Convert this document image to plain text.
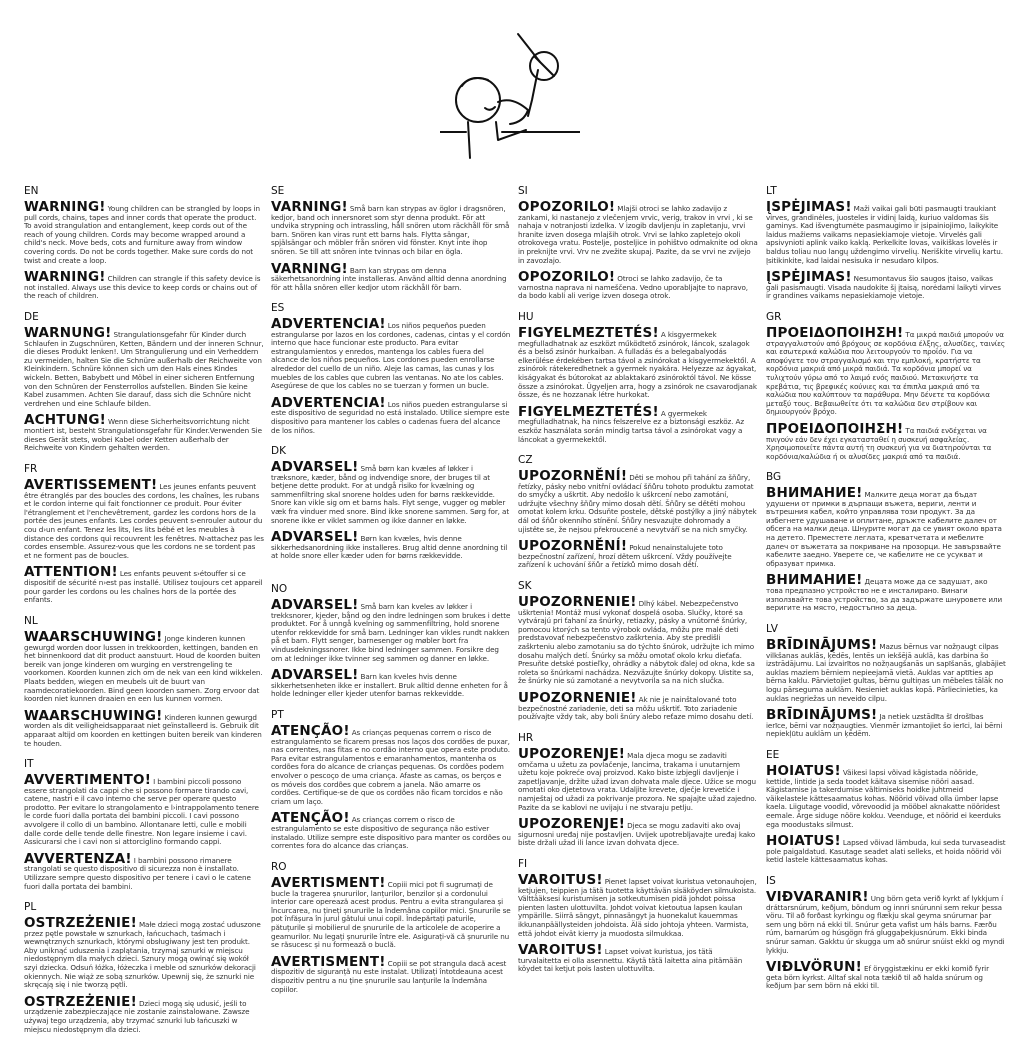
EN
WARNING! Young children can be strangled by loops in pull cords, chains, tapes and inner cords that operate the product. To avoid strangulation and entanglement, keep cords out of the reach of young children. Cords may become wrapped around a child's neck. Move beds, cots and furniture away from window covering cords. Do not be cords together. Make sure cords do not twist and create a loop.
WARNING! Children can strangle if this safety device is not installed. Always use this device to keep cords or chains out of the reach of children.
DE
WARNUNG! Strangulationsgefahr für Kinder durch Schlaufen in Zugschnüren, Ketten, Bändern und der inneren Schnur, die dieses Produkt lenken!. Um Strangulierung und ein Verheddern zu vermeiden, halten Sie die Schnüre außerhalb der Reichweite von Kleinkindern. Schnüre können sich um den Hals eines Kindes wickeln. Betten, Babybett und Möbel in einer sicheren Entfernung von den Schnüren der Fensterrollos aufstellen. Binden Sie keine Kabel zusammen. Achten Sie darauf, dass sich die Schnüre nicht verdrehen und eine Schlaufe bilden.
ACHTUNG! Wenn diese Sicherheitsvorrichtung nicht montiert ist, besteht Strangulationsgefahr für Kinder.Verwenden Sie dieses Gerät stets, wobei Kabel oder Ketten außerhalb der Reichweite von Kindern gehalten werden.
FR
AVERTISSEMENT! Les jeunes enfants peuvent être étranglés par des boucles des cordons, les chaînes, les rubans et le cordon interne qui fait fonctionner ce produit. Pour éviter l'étranglement et l'enchevêtrement, gardez les cordons hors de la portée des jeunes enfants. Les cordes peuvent s›enrouler autour du cou d›un enfant. Tenez les lits, les lits bébé et les meubles à distance des cordons qui recouvrent les fenêtres. N›attachez pas les cordes ensemble. Assurez-vous que les cordons ne se tordent pas et ne forment pas de boucles.
ATTENTION! Les enfants peuvent s›étouffer si ce dispositif de sécurité n›est pas installé. Utilisez toujours cet appareil pour garder les cordons ou les chaînes hors de la portée des enfants.
NL
WAARSCHUWING! Jonge kinderen kunnen gewurgd worden door lussen in trekkoorden, kettingen, banden en het binnenkoord dat dit product aanstuurt. Houd de koorden buiten bereik van jonge kinderen om wurging en verstrengeling te voorkomen. Koorden kunnen zich om de nek van een kind wikkelen. Plaats bedden, wiegen en meubels uit de buurt van raamdecoratiekoorden. Bind geen koorden samen. Zorg ervoor dat koorden niet kunnen draaien en een lus kunnen vormen.
WAARSCHUWING! Kinderen kunnen gewurgd worden als dit veiligheidsapparaat niet geïnstalleerd is. Gebruik dit apparaat altijd om koorden en kettingen buiten bereik van kinderen te houden.
IT
AVVERTIMENTO! I bambini piccoli possono essere strangolati da cappi che si possono formare tirando cavi, catene, nastri e il cavo interno che serve per operare questo prodotto. Per evitare lo strangolamento e l›intrappolamento tenere le corde fuori dalla portata dei bambini piccoli. I cavi possono avvolgere il collo di un bambino. Allontanare letti, culle e mobili dalle corde delle tende delle finestre. Non legare insieme i cavi. Assicurarsi che i cavi non si attorciglino formando cappi.
AVVERTENZA! I bambini possono rimanere strangolati se questo dispositivo di sicurezza non è installato. Utilizzare sempre questo dispositivo per tenere i cavi o le catene fuori dalla portata dei bambini.
PL
OSTRZEŻENIE! Małe dzieci mogą zostać uduszone przez pętle powstałe w sznurkach, łańcuchach, taśmach i wewnętrznych sznurkach, którymi obsługiwany jest ten produkt. Aby uniknąć uduszenia i zaplątania, trzymaj sznurki w miejscu niedostępnym dla małych dzieci. Sznury mogą owinąć się wokół szyi dziecka. Odsuń łóżka, łóżeczka i meble od sznurków dekoracji okiennych. Nie wiąż ze sobą sznurków. Upewnij się, że sznurki nie skręcają się i nie tworzą pętli.
OSTRZEŻENIE! Dzieci mogą się udusić, jeśli to urządzenie zabezpieczające nie zostanie zainstalowane. Zawsze używaj tego urządzenia, aby trzymać sznurki lub łańcuszki w miejscu niedostępnym dla dzieci.
SE
VARNING! Små barn kan strypas av öglor i dragsnören, kedjor, band och innersnoret som styr denna produkt. För att undvika strypning och intrassling, håll snören utom räckhåll för små barn. Snören kan viras runt ett barns hals. Flytta sängar, spjälsängar och möbler från snören vid fönster. Knyt inte ihop snören. Se till att snören inte tvinnas och bilar en ögla.
VARNING! Barn kan strypas om denna säkerhetsanordning inte installeras. Använd alltid denna anordning för att hålla snören eller kedjor utom räckhåll för barn.
ES
ADVERTENCIA! Los niños pequeños pueden estrangularse por lazos en los cordones, cadenas, cintas y el cordón interno que hace funcionar este producto. Para evitar estrangulamientos y enredos, mantenga los cables fuera del alcance de los niños pequeños. Los cordones pueden enrollarse alrededor del cuello de un niño. Aleje las camas, las cunas y los muebles de los cables que cubren las ventanas. No ate los cables. Asegúrese de que los cables no se tuerzan y formen un bucle.
ADVERTENCIA! Los niños pueden estrangularse si este dispositivo de seguridad no está instalado. Utilice siempre este dispositivo para mantener los cables o cadenas fuera del alcance de los niños.
DK
ADVARSEL! Små børn kan kvæles af løkker i træksnore, kæder, bånd og indvendige snore, der bruges til at betjene dette produkt. For at undgå risiko for kvælning og sammenfiltring skal snorene holdes uden for børns rækkevidde. Snore kan vikle sig om et barns hals. Flyt senge, vugger og møbler væk fra vinduer med snore. Bind ikke snorene sammen. Sørg for, at snorene ikke er viklet sammen og ikke danner en løkke.
ADVARSEL! Børn kan kvæles, hvis denne sikkerhedsanordning ikke installeres. Brug altid denne anordning til at holde snore eller kæder uden for børns rækkevidde.
NO
ADVARSEL! Små barn kan kveles av løkker i trekksnorer, kjeder, bånd og den indre ledningen som brukes i dette produktet. For å unngå kvelning og sammenfiltring, hold snorene utenfor rekkevidde for små barn. Ledninger kan vikles rundt nakken på et barn. Flytt senger, barnesenger og møbler bort fra vindusdekningssnorer. Ikke bind ledninger sammen. Forsikre deg om at ledninger ikke tvinner seg sammen og danner en løkke.
ADVARSEL! Barn kan kveles hvis denne sikkerhetsenheten ikke er installert. Bruk alltid denne enheten for å holde ledninger eller kjeder utenfor barnas rekkevidde.
PT
ATENÇÃO! As crianças pequenas correm o risco de estrangulamento se ficarem presas nos laços dos cordões de puxar, nas correntes, nas fitas e no cordão interno que opera este produto. Para evitar estrangulamentos e emaranhamentos, mantenha os cordões fora do alcance de crianças pequenas. Os cordões podem envolver o pescoço de uma criança. Afaste as camas, os berços e os móveis dos cordões que cobrem a janela. Não amarre os cordões. Certifique-se de que os cordões não ficam torcidos e não criam um laço.
ATENÇÃO! As crianças correm o risco de estrangulamento se este dispositivo de segurança não estiver instalado. Utilize sempre este dispositivo para manter os cordões ou correntes fora do alcance das crianças.
RO
AVERTISMENT! Copiii mici pot fi sugrumați de bucle la tragerea șnururilor, lanțurilor, benzilor și a cordonului interior care operează acest produs. Pentru a evita strangularea și încurcarea, nu țineți șnururile la îndemâna copiilor mici. Șnururile se pot înfășura în jurul gâtului unui copil. Îndepărtați paturile, pătuțurile și mobilierul de șnururile de la articolele de acoperire a geamurilor. Nu legați șnururile între ele. Asigurați-vă că șnururile nu se răsucesc și nu formează o buclă.
AVERTISMENT! Copiii se pot strangula dacă acest dispozitiv de siguranță nu este instalat. Utilizați întotdeauna acest dispozitiv pentru a nu ține șnururile sau lanțurile la îndemâna copiilor.
SI
OPOZORILO! Mlajši otroci se lahko zadavijo z zankami, ki nastanejo z vlečenjem vrvic, verig, trakov in vrvi , ki se nahaja v notranjosti izdelka. V izogib davljenju in zapletanju, vrvi hranite izven dosega mlajših otrok. Vrvi se lahko zapletejo okoli otrokovega vratu. Postelje, posteljice in pohištvo odmaknite od okna in preknijte vrvi. Vrv ne zvežite skupaj. Pazite, da se vrvi ne zvijejo in zavozlajo.
OPOZORILO! Otroci se lahko zadavijo, če ta varnostna naprava ni nameščena. Vedno uporabljajte to napravo, da bodo kabli ali verige izven dosega otrok.
HU
FIGYELMEZTETÉS! A kisgyermekek megfulladhatnak az eszközt működtető zsinórok, láncok, szalagok és a belső zsinór hurkaiban. A fulladás és a belegabalyodás elkerülése érdekében tartsa távol a zsinórokat a kisgyermekektől. A zsinórok rátekeredhetnek a gyermek nyakára. Helyezze az ágyakat, kiságyakat és bútorokat az ablaktakaró zsinóroktól távol. Ne kösse össze a zsinórokat. Ügyeljen arra, hogy a zsinórok ne csavarodjanak össze, és ne hozzanak létre hurkokat.
FIGYELMEZTETÉS! A gyermekek megfulladhatnak, ha nincs felszerelve ez a biztonsági eszköz. Az eszköz használata során mindig tartsa távol a zsinórokat vagy a láncokat a gyermekektől.
CZ
UPOZORNĚNÍ! Děti se mohou při tahání za šňůry, řetízky, pásky nebo vnitřní ovládací šňůru tohoto produktu zamotat do smyčky a uškrtit. Aby nedošlo k uškrcení nebo zamotání, udržujte všechny šňůry mimo dosah dětí. Šňůry se dětěti mohou omotat kolem krku. Odsuňte postele, dětské postýlky a jiný nábytek dál od šňůr okenního stínění. Šňůry nesvazujte dohromady a ujistěte se, že nejsou překroucené a nevytváří se na nich smyčky.
UPOZORNĚNÍ! Pokud nenainstalujete toto bezpečnostní zařízení, hrozí dětem uškrcení. Vždy používejte zařízení k uchování šňůr a řetízků mimo dosah dětí.
SK
UPOZORNENIE! Dlhý kábel. Nebezpečenstvo uškrtenia! Montáž musí vykonať dospelá osoba. Slučky, ktoré sa vytvárajú pri ťahaní za šnúrky, retiazky, pásky a vnútorné šnúrky, pomocou ktorých sa tento výrobok ovláda, môžu pre malé deti predstavovať nebezpečenstvo zaškrtenia. Aby ste predišli zaškrteniu alebo zamotaniu sa do týchto šnúrok, udržujte ich mimo dosahu malých detí. Šnúrky sa môžu omotať okolo krku dieťaťa. Presuňte detské postieľky, ohrádky a nábytok ďalej od okna, kde sa roleta so šnúrkami nachádza. Nezväzujte šnúrky dokopy. Uistite sa, že šnúrky nie sú zamotané a nevytvorila sa na nich slučka.
UPOZORNENIE! Ak nie je nainštalované toto bezpečnostné zariadenie, deti sa môžu uškrtiť. Toto zariadenie používajte vždy tak, aby boli šnúry alebo reťaze mimo dosahu detí.
HR
UPOZORENJE! Mala djeca mogu se zadaviti omčama u užetu za povlačenje, lancima, trakama i unutarnjem užetu koje pokreće ovaj proizvod. Kako biste izbjegli davljenje i zapetljavanje, držite užad izvan dohvata male djece. Užice se mogu omotati oko djetetova vrata. Udaljite krevete, dječje krevetiće i namještaj od užadi za pokrivanje prozora. Ne spajajte užad zajedno. Pazite da se kablovi ne uvijaju i ne stvaraju petlju.
UPOZORENJE! Djeca se mogu zadaviti ako ovaj sigurnosni uređaj nije postavljen. Uvijek upotrebljavajte uređaj kako biste držali užad ili lance izvan dohvata djece.
FI
VAROITUS! Pienet lapset voivat kuristua vetonauhojen, ketjujen, teippien ja tätä tuotetta käyttävän sisäköyden silmukoista. Välttääksesi kuristumisen ja sotkeutumisen pidä johdot poissa pienten lasten ulottuvilta. Johdot voivat kietoutua lapsen kaulan ympärille. Siirrä sängyt, pinnasängyt ja huonekalut kauemmas ikkunanpäällysteiden johdoista. Älä sido johtoja yhteen. Varmista, että johdot eivät kierry ja muodosta silmukkaa.
VAROITUS! Lapset voivat kuristua, jos tätä turvalaitetta ei olla asennettu. Käytä tätä laitetta aina pitämään köydet tai ketjut pois lasten ulottuvilta.
LT
ĮSPĖJIMAS! Maži vaikai gali būti pasmaugti traukiant virves, grandinėles, juosteles ir vidinį laidą, kuriuo valdomas šis gaminys. Kad išvengtumėte pasmaugimo ir įsipainiojimo, laikykite laidus mažiems vaikams nepasiekiamoje vietoje. Virvelės gali apsivynioti aplink vaiko kaklą. Perkelkite lovas, vaikiškas lovelės ir baldus toliau nuo langų uždengimo virvelių. Neriškite virvelių kartu. Įsitikinkite, kad laidai nesisuka ir nesudaro kilpos.
ĮSPĖJIMAS! Nesumontavus šio saugos įtaiso, vaikas gali pasismaugti. Visada naudokite šį įtaisą, norėdami laikyti virves ir grandines vaikams nepasiekiamoje vietoje.
GR
ΠΡΟΕΙΔΟΠΟΙΗΣΗ! Τα μικρά παιδιά μπορούν να στραγγαλιστούν από βρόχους σε κορδόνια έλξης, αλυσίδες, ταινίες και εσωτερικά καλώδια που λειτουργούν το προϊόν. Για να αποφύγετε τον στραγγαλισμό και την εμπλοκή, κρατήστε τα κορδόνια μακριά από μικρά παιδιά. Τα κορδόνια μπορεί να τυλιχτούν γύρω από το λαιμό ενός παιδιού. Μετακινήστε τα κρεβάτια, τις βρεφικές κούνιες και τα έπιπλα μακριά από τα καλώδια που καλύπτουν τα παράθυρα. Μην δένετε τα κορδόνια μεταξύ τους. Βεβαιωθείτε ότι τα καλώδια δεν στρίβουν και δημιουργούν βρόχο.
ΠΡΟΕΙΔΟΠΟΙΗΣΗ! Τα παιδιά ενδέχεται να πνιγούν εάν δεν έχει εγκατασταθεί η συσκευή ασφαλείας. Χρησιμοποιείτε πάντα αυτή τη συσκευή για να διατηρούνται τα κορδόνια/καλώδια ή οι αλυσίδες μακριά από τα παιδιά.
BG
ВНИМАНИЕ! Малките деца могат да бъдат удушени от примки в дърпащи въжета, вериги, ленти и вътрешния кабел, който управлява този продукт. За да избегнете удушаване и оплитане, дръжте кабелите далеч от обсега на малки деца. Шнурите могат да се увият около врата на детето. Преместете леглата, креватчетата и мебелите далеч от въжетата за покриване на прозорци. Не завързвайте кабелите заедно. Уверете се, че кабелите не се усукват и образуват примка.
ВНИМАНИЕ! Децата може да се задушат, ако това предпазно устройство не е инсталирано. Винаги използвайте това устройство, за да задържате шнуровете или веригите на място, недостъпно за деца.
LV
BRĪDINĀJUMS! Mazus bērnus var nožņaugt cilpas vilkšanas auklās, ķēdēs, lentēs un iekšējā auklā, kas darbina šo izstrādājumu. Lai izvairītos no nožņaugšanās un sapīšanās, glabājiet auklas maziem bērniem nepieejamā vietā. Auklas var aptīties ap bērna kaklu. Pārvietojiet gultas, bērnu gultiņas un mēbeles tālāk no logu pārseguma auklām. Nesieniet auklas kopā. Pārliecinieties, ka auklas negriežas un neveido cilpu.
BRĪDINĀJUMS! Ja netiek uzstādīta šī drošības ierīce, bērni var nožņaugties. Vienmēr izmantojiet šo ierīci, lai bērni nepiekļūtu auklām un ķēdēm.
EE
HOIATUS! Väikesi lapsi võivad kägistada nööride, kettide, lintide ja seda toodet käitava sisemise nööri aasad. Kägistamise ja takerdumise vältimiseks hoidke juhtmeid väikelastele kättesaamatus kohas. Nöörid võivad olla ümber lapse kaela. Liigutage voodid, võrevoodid ja mööbel aknakatte nööridest eemale. Ärge siduge nööre kokku. Veenduge, et nöörid ei keerduks ega moodustaks silmust.
HOIATUS! Lapsed võivad lämbuda, kui seda turvaseadist pole paigaldatud. Kasutage seadet alati selleks, et hoida nöörid või ketid lastele kättesaamatus kohas.
IS
VIÐVARANIR! Ung börn geta verið kyrkt af lykkjum í dráttarsnúrum, keðjum, böndum og innri snúrunni sem rekur þessa vöru. Til að forðast kyrkingu og flækju skal geyma snúrurnar þar sem ung börn ná ekki til. Snúrur geta vafist um háls barns. Færðu rúm, barnarúm og húsgögn frá gluggaþekjusnúrum. Ekki binda snúrur saman. Gakktu úr skugga um að snúrur snúist ekki og myndi lykkju.
VIÐLVÖRUN! Ef öryggistækinu er ekki komið fyrir geta börn kyrkst. Alltaf skal nota tækið til að halda snúrum og keðjum þar sem börn ná ekki til.
